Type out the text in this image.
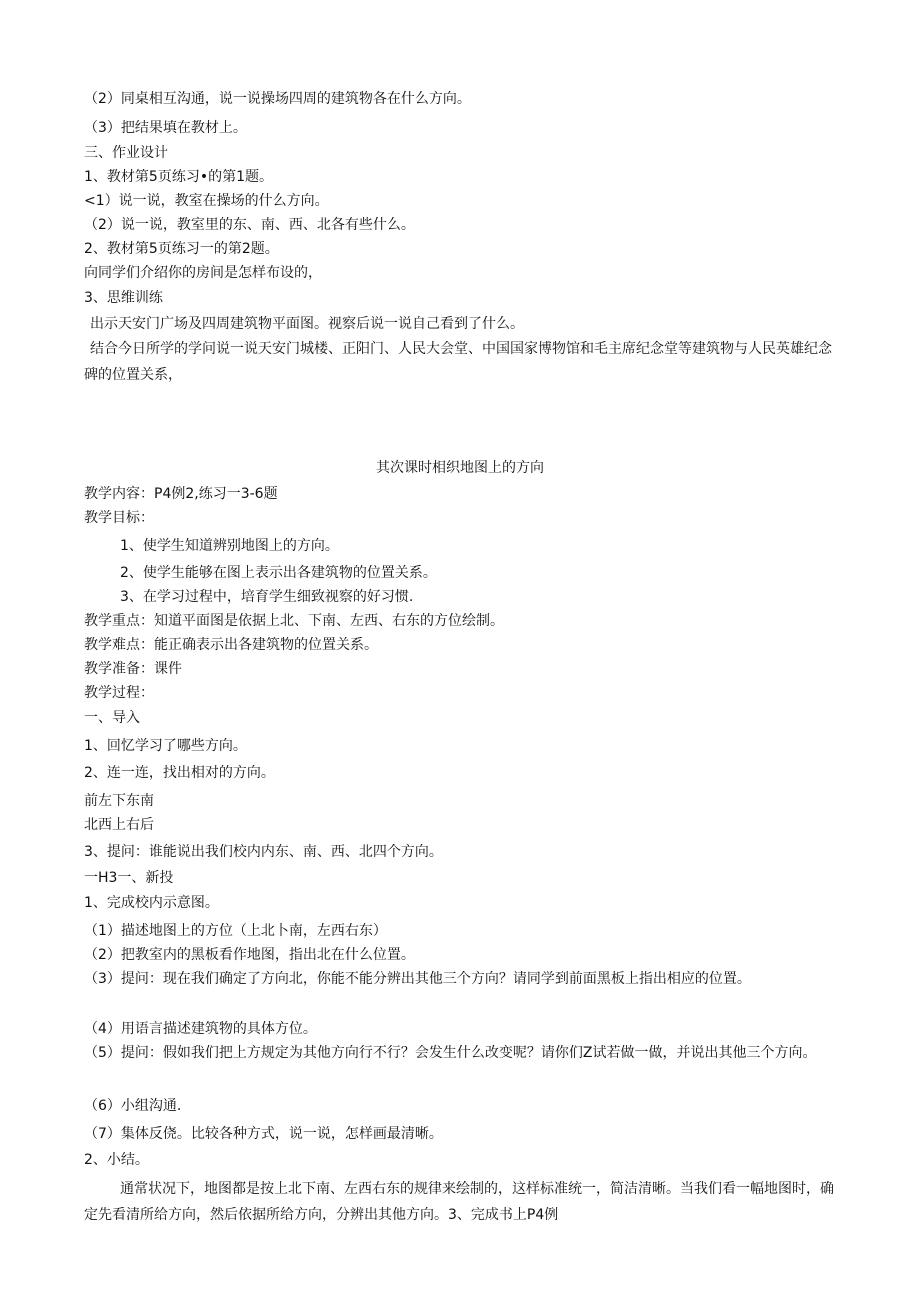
（2）同桌相互沟通，说一说操场四周的建筑物各在什么方向。
（3）把结果填在教材上。
三、作业设计
1、教材第5页练习•的第1题。
<1）说一说，教室在操场的什么方向。
（2）说一说，教室里的东、南、西、北各有些什么。
2、教材第5页练习一的第2题。
向同学们介绍你的房间是怎样布设的，
3、思维训练
出示天安门广场及四周建筑物平面图。视察后说一说自己看到了什么。
结合今日所学的学问说一说天安门城楼、正阳门、人民大会堂、中国国家博物馆和毛主席纪念堂等建筑物与人民英雄纪念碑的位置关系，
其次课时相织地图上的方向
教学内容：P4例2,练习一3-6题
教学目标：
1、使学生知道辨别地图上的方向。
2、使学生能够在图上表示出各建筑物的位置关系。
3、在学习过程中，培育学生细致视察的好习惯.
教学重点：知道平面图是依据上北、下南、左西、右东的方位绘制。
教学难点：能正确表示出各建筑物的位置关系。
教学准备：课件
教学过程：
一、导入
1、回忆学习了哪些方向。
2、连一连，找出相对的方向。
前左下东南
北西上右后
3、提问：谁能说出我们校内内东、南、西、北四个方向。
一H3一、新投
1、完成校内示意图。
（1）描述地图上的方位（上北卜南，左西右东）
（2）把教室内的黑板看作地图，指出北在什么位置。
（3）提问：现在我们确定了方向北，你能不能分辨出其他三个方向？请同学到前面黑板上指出相应的位置。
（4）用语言描述建筑物的具体方位。
（5）提问：假如我们把上方规定为其他方向行不行？会发生什么改变呢？请你们Z试若做一做，并说出其他三个方向。
（6）小组沟通.
（7）集体反侥。比较各种方式，说一说，怎样画最清晰。
2、小结。
通常状况下，地图都是按上北下南、左西右东的规律来绘制的，这样标准统一，简洁清晰。当我们看一幅地图时，确定先看清所给方向，然后依据所给方向，分辨出其他方向。3、完成书上P4例
